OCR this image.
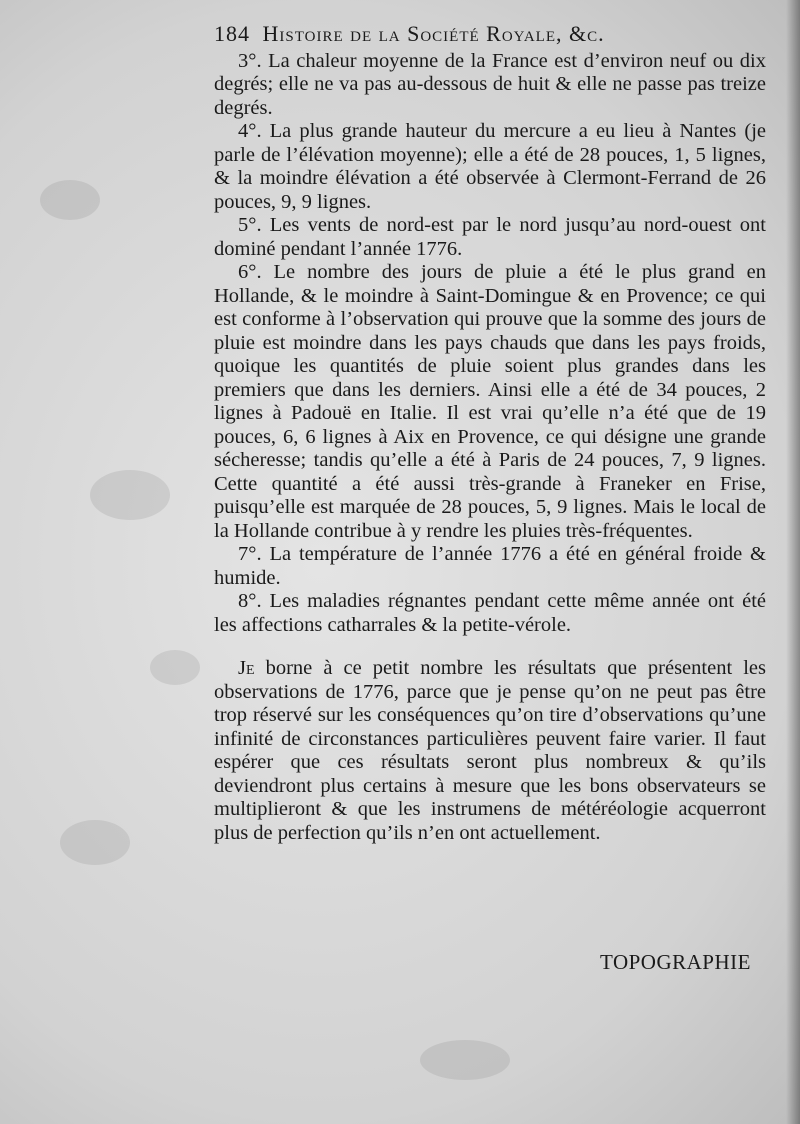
184 Histoire de la Société Royale, &c.

3°. La chaleur moyenne de la France est d’environ neuf ou dix degrés; elle ne va pas au-dessous de huit & elle ne passe pas treize degrés.

4°. La plus grande hauteur du mercure a eu lieu à Nantes (je parle de l’élévation moyenne); elle a été de 28 pouces, 1, 5 lignes, & la moindre élévation a été observée à Clermont-Ferrand de 26 pouces, 9, 9 lignes.

5°. Les vents de nord-est par le nord jusqu’au nord-ouest ont dominé pendant l’année 1776.

6°. Le nombre des jours de pluie a été le plus grand en Hollande, & le moindre à Saint-Domingue & en Provence; ce qui est conforme à l’observation qui prouve que la somme des jours de pluie est moindre dans les pays chauds que dans les pays froids, quoique les quantités de pluie soient plus grandes dans les premiers que dans les derniers. Ainsi elle a été de 34 pouces, 2 lignes à Padouë en Italie. Il est vrai qu’elle n’a été que de 19 pouces, 6, 6 lignes à Aix en Provence, ce qui désigne une grande sécheresse; tandis qu’elle a été à Paris de 24 pouces, 7, 9 lignes. Cette quantité a été aussi très-grande à Franeker en Frise, puisqu’elle est marquée de 28 pouces, 5, 9 lignes. Mais le local de la Hollande contribue à y rendre les pluies très-fréquentes.

7°. La température de l’année 1776 a été en général froide & humide.

8°. Les maladies régnantes pendant cette même année ont été les affections catharrales & la petite-vérole.

Je borne à ce petit nombre les résultats que présentent les observations de 1776, parce que je pense qu’on ne peut pas être trop réservé sur les conséquences qu’on tire d’observations qu’une infinité de circonstances particulières peuvent faire varier. Il faut espérer que ces résultats seront plus nombreux & qu’ils deviendront plus certains à mesure que les bons observateurs se multiplieront & que les instrumens de météréologie acquerront plus de perfection qu’ils n’en ont actuellement.

TOPOGRAPHIE
